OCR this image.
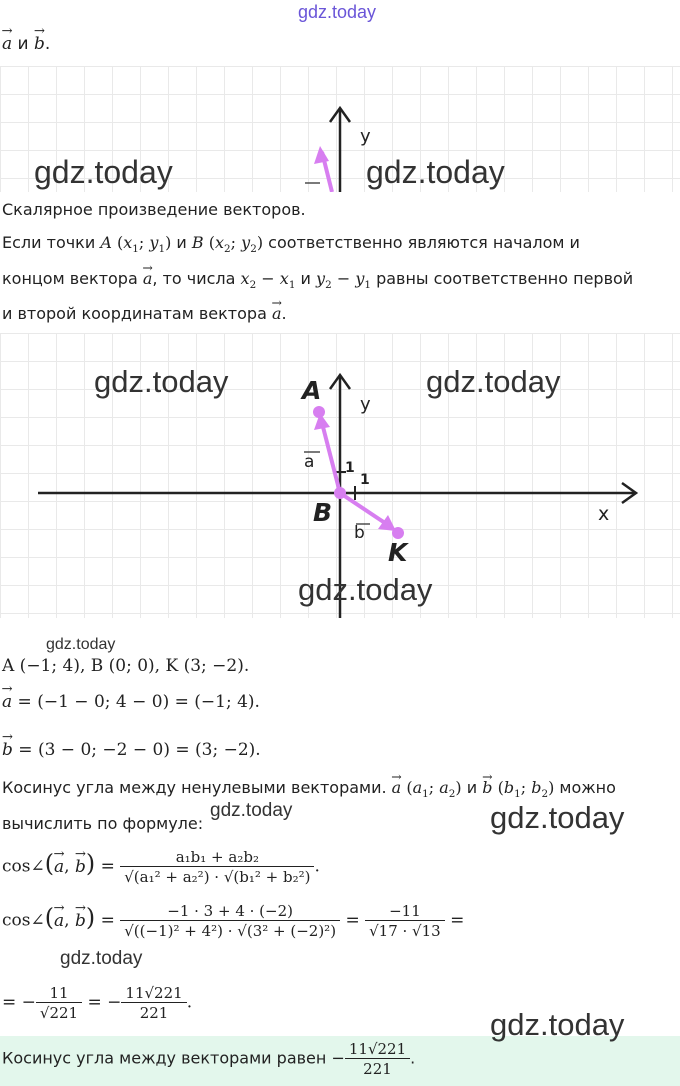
gdz.today
→ a и → b.
y
gdz.today	gdz.today
Скалярное произведение векторов.
Если точки A ($x_1$; $y_1$) и B ($x_2$; $y_2$) соответственно являются началом и
концом вектора → a, то числа $x_2 - x_1$ и $y_2 - y_1$ равны соответственно первой
и второй координатам вектора → a.
A
B
K
a
b
y
x
1
1
gdz.today	gdz.today
gdz.today
gdz.today
A (−1; 4), B (0; 0), K (3; −2).
→ a = (−1 − 0; 4 − 0) = (−1; 4).
→ b = (3 − 0; −2 − 0) = (3; −2).
Косинус угла между ненулевыми векторами. → a ($a_1$; $a_2$) и → b ($b_1$; $b_2$) можно
вычислить по формуле:
gdz.today	gdz.today
cos∠(→ a, → $b) = \frac{\text{a₁b₁ + a₂b₂}}{\text{√(a₁² + a₂²) · √(b₁² + b₂²)}}$ .
cos∠(→ a, → $b) = \frac{-1 \cdot 3 + 4 \cdot (-2)}{\text{√((−1)² + 4²) · √(3² + (−2)²)}} = \frac{-11}{√17 \cdot √13}$ =
gdz.today
= − $\frac{11}{√221}$ = − $\frac{11√221}{221}$ .
gdz.today
Косинус угла между векторами равен − $\frac{11√221}{221}$ .
